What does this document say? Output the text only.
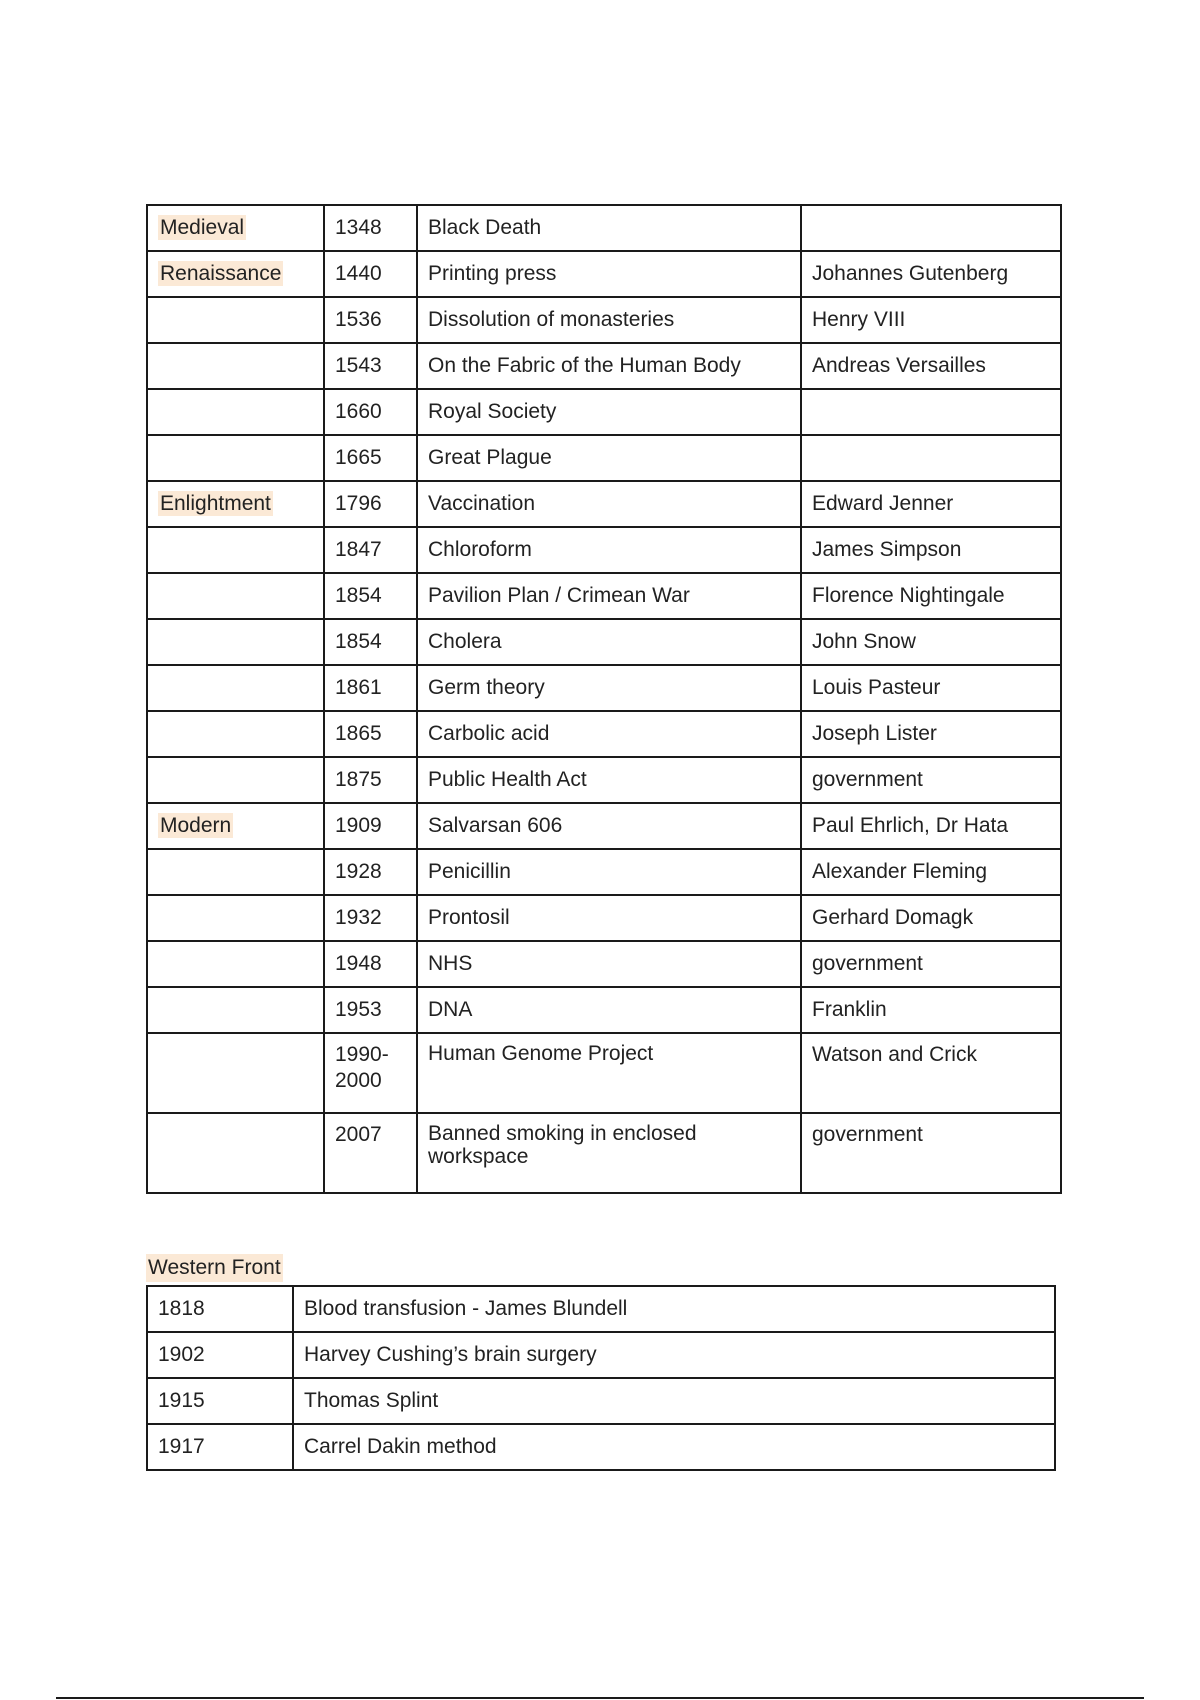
Medieval	1348	Black Death	
Renaissance	1440	Printing press	Johannes Gutenberg
	1536	Dissolution of monasteries	Henry VIII
	1543	On the Fabric of the Human Body	Andreas Versailles
	1660	Royal Society	
	1665	Great Plague	
Enlightment	1796	Vaccination	Edward Jenner
	1847	Chloroform	James Simpson
	1854	Pavilion Plan / Crimean War	Florence Nightingale
	1854	Cholera	John Snow
	1861	Germ theory	Louis Pasteur
	1865	Carbolic acid	Joseph Lister
	1875	Public Health Act	government
Modern	1909	Salvarsan 606	Paul Ehrlich, Dr Hata
	1928	Penicillin	Alexander Fleming
	1932	Prontosil	Gerhard Domagk
	1948	NHS	government
	1953	DNA	Franklin
	1990-2000	Human Genome Project	Watson and Crick
	2007	Banned smoking in enclosed workspace	government
Western Front
1818	Blood transfusion - James Blundell
1902	Harvey Cushing’s brain surgery
1915	Thomas Splint
1917	Carrel Dakin method
